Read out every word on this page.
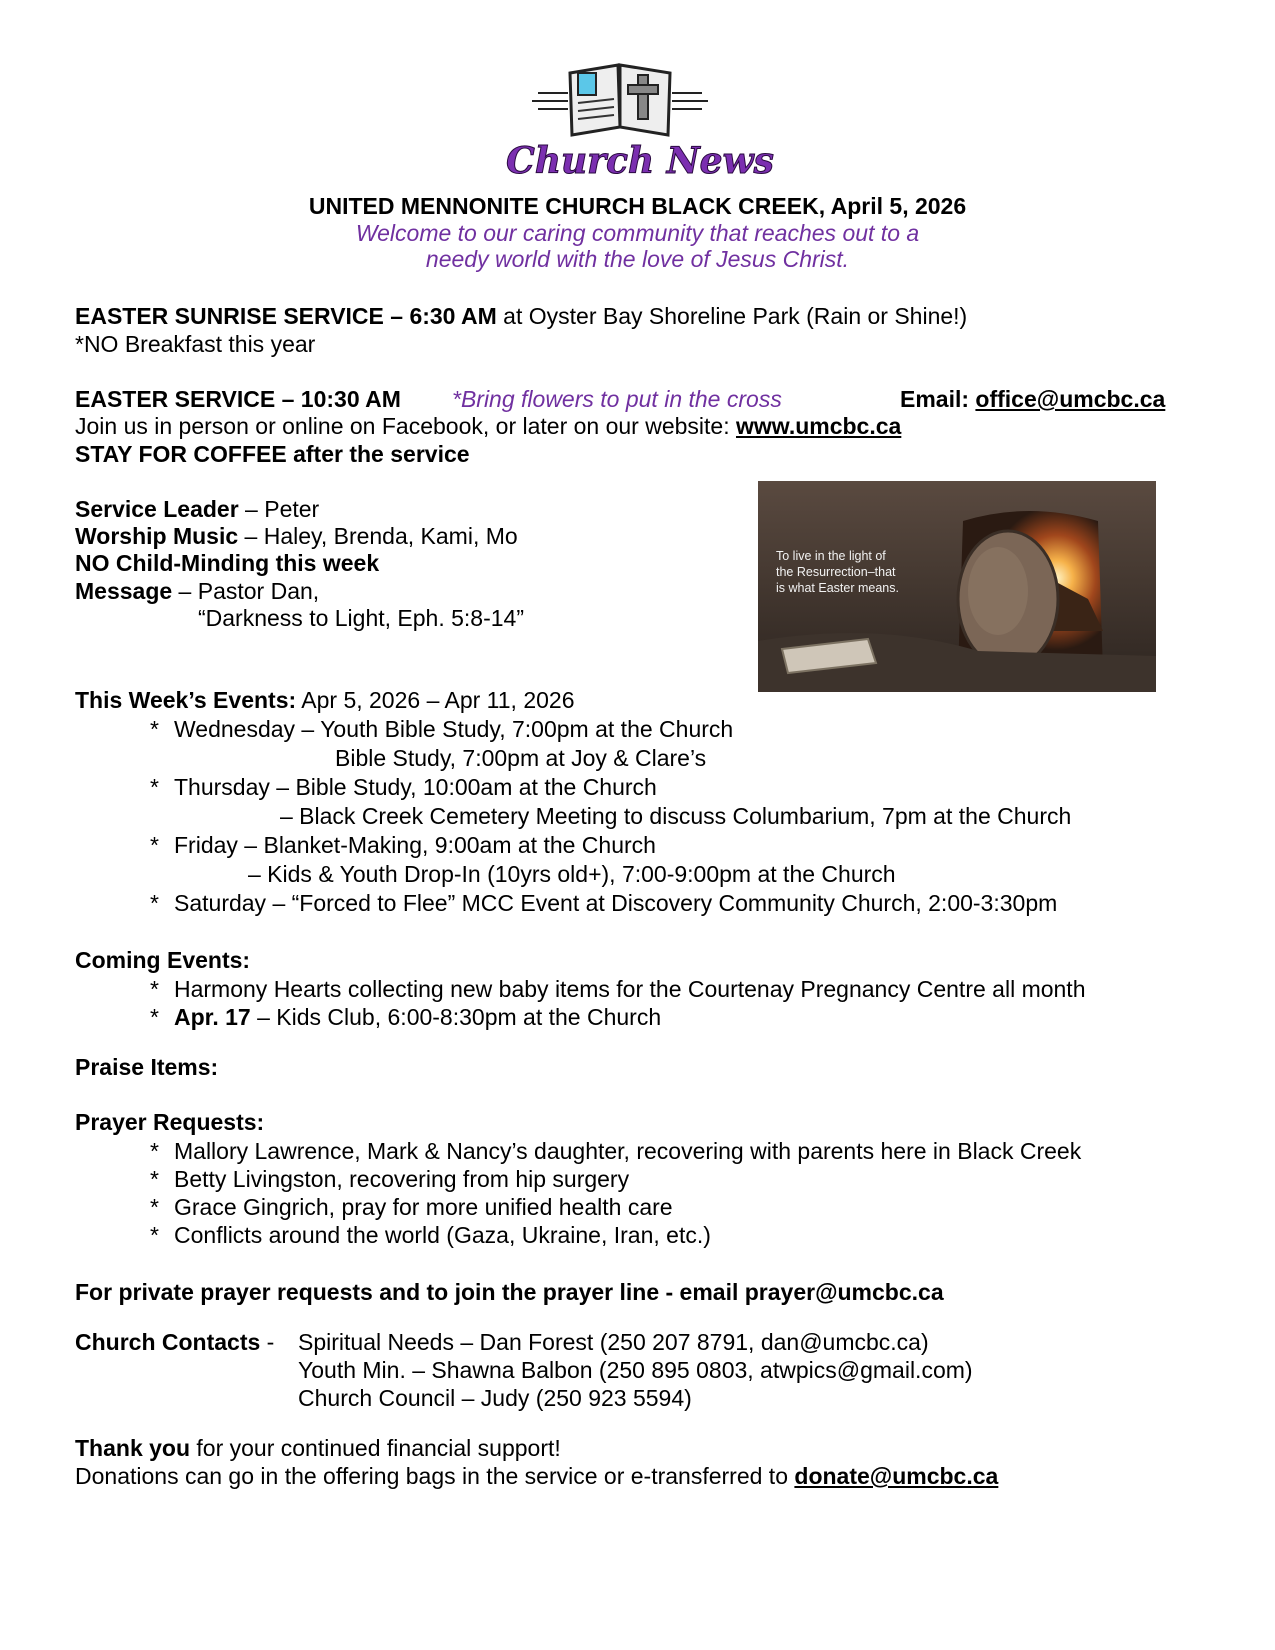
Church News
UNITED MENNONITE CHURCH BLACK CREEK, April 5, 2026
Welcome to our caring community that reaches out to a
needy world with the love of Jesus Christ.
EASTER SUNRISE SERVICE – 6:30 AM at Oyster Bay Shoreline Park (Rain or Shine!)
*NO Breakfast this year
EASTER SERVICE – 10:30 AM *Bring flowers to put in the cross	Email: office@umcbc.ca
Join us in person or online on Facebook, or later on our website: www.umcbc.ca
STAY FOR COFFEE after the service
Service Leader – Peter
Worship Music – Haley, Brenda, Kami, Mo
NO Child-Minding this week
Message – Pastor Dan,
“Darkness to Light, Eph. 5:8-14”
To live in the light of
the Resurrection–that
is what Easter means.
This Week’s Events: Apr 5, 2026 – Apr 11, 2026
* Wednesday – Youth Bible Study, 7:00pm at the Church
Bible Study, 7:00pm at Joy & Clare’s
* Thursday – Bible Study, 10:00am at the Church
– Black Creek Cemetery Meeting to discuss Columbarium, 7pm at the Church
* Friday – Blanket-Making, 9:00am at the Church
– Kids & Youth Drop-In (10yrs old+), 7:00-9:00pm at the Church
* Saturday – “Forced to Flee” MCC Event at Discovery Community Church, 2:00-3:30pm
Coming Events:
* Harmony Hearts collecting new baby items for the Courtenay Pregnancy Centre all month
* Apr. 17 – Kids Club, 6:00-8:30pm at the Church
Praise Items:
Prayer Requests:
* Mallory Lawrence, Mark & Nancy’s daughter, recovering with parents here in Black Creek
* Betty Livingston, recovering from hip surgery
* Grace Gingrich, pray for more unified health care
* Conflicts around the world (Gaza, Ukraine, Iran, etc.)
For private prayer requests and to join the prayer line - email prayer@umcbc.ca
Church Contacts - Spiritual Needs – Dan Forest (250 207 8791, dan@umcbc.ca)
Youth Min. – Shawna Balbon (250 895 0803, atwpics@gmail.com)
Church Council – Judy (250 923 5594)
Thank you for your continued financial support!
Donations can go in the offering bags in the service or e-transferred to donate@umcbc.ca
